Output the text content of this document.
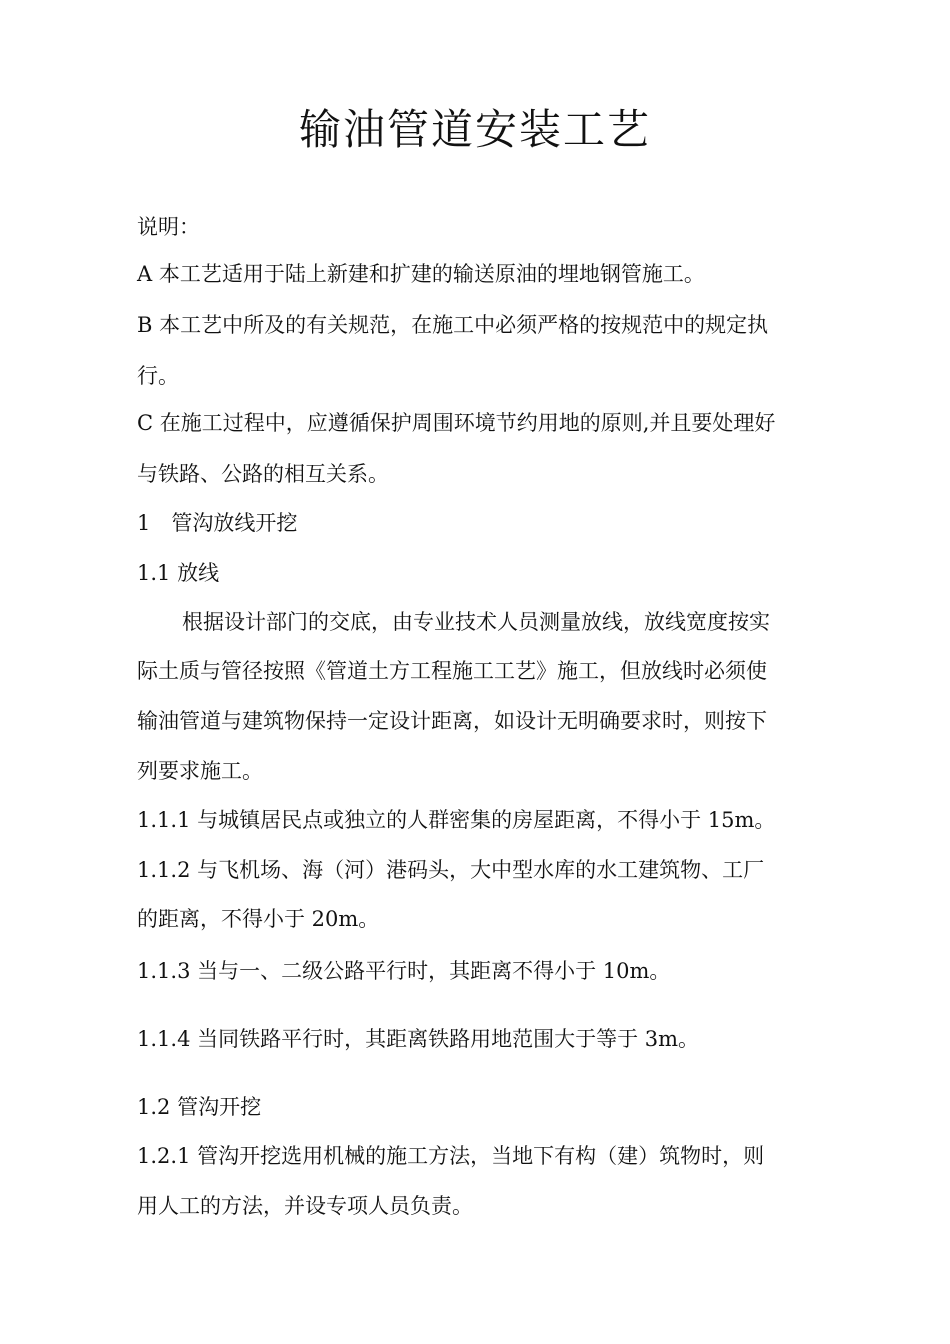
输油管道安装工艺

说明：

A 本工艺适用于陆上新建和扩建的输送原油的埋地钢管施工。

B 本工艺中所及的有关规范，在施工中必须严格的按规范中的规定执

行。

C 在施工过程中，应遵循保护周围环境节约用地的原则,并且要处理好

与铁路、公路的相互关系。

1　管沟放线开挖

1.1 放线

根据设计部门的交底，由专业技术人员测量放线，放线宽度按实

际土质与管径按照《管道土方工程施工工艺》施工，但放线时必须使

输油管道与建筑物保持一定设计距离，如设计无明确要求时，则按下

列要求施工。

1.1.1 与城镇居民点或独立的人群密集的房屋距离，不得小于 15m。

1.1.2 与飞机场、海（河）港码头，大中型水库的水工建筑物、工厂

的距离，不得小于 20m。

1.1.3 当与一、二级公路平行时，其距离不得小于 10m。

1.1.4 当同铁路平行时，其距离铁路用地范围大于等于 3m。

1.2 管沟开挖

1.2.1 管沟开挖选用机械的施工方法，当地下有构（建）筑物时，则

用人工的方法，并设专项人员负责。
